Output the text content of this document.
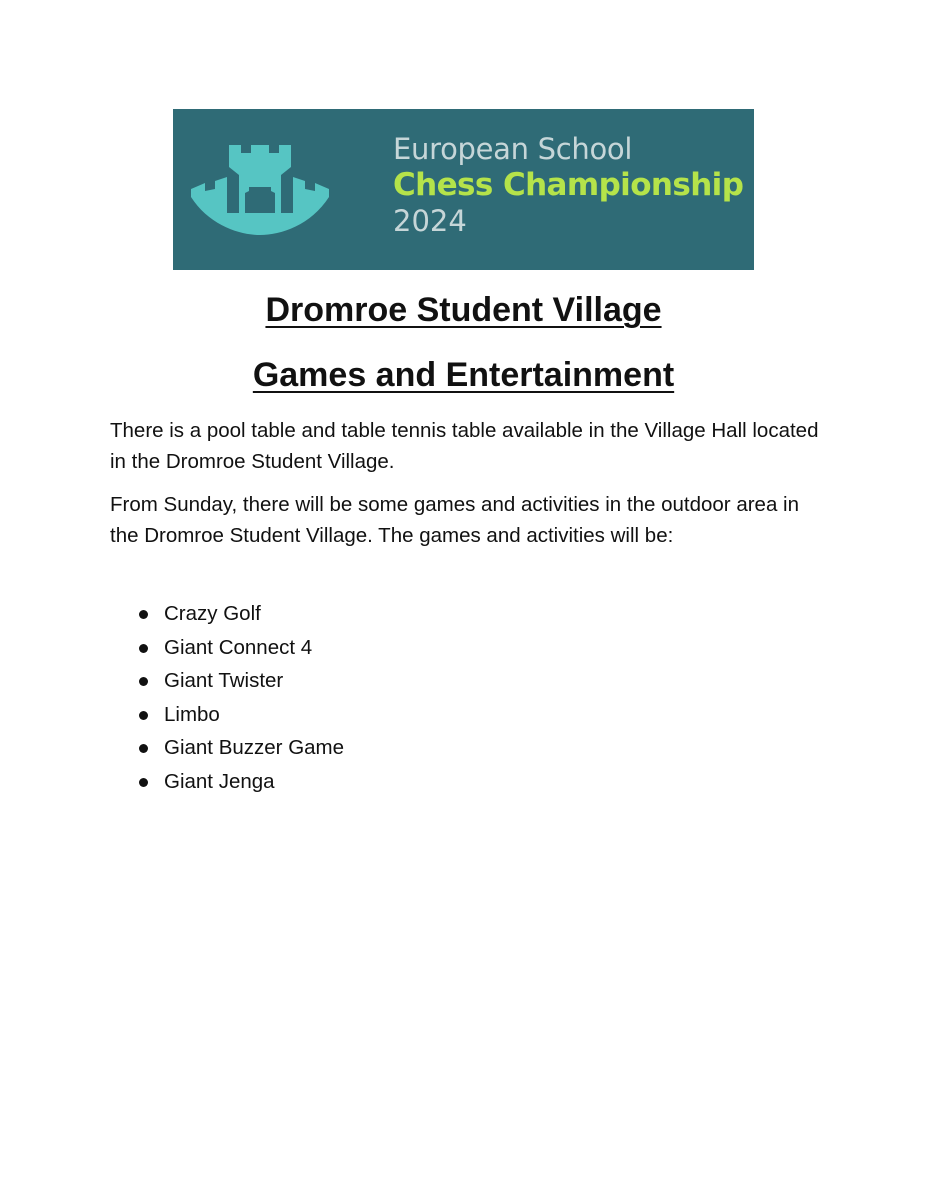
European School
Chess Championship
2024
Dromroe Student Village
Games and Entertainment

There is a pool table and table tennis table available in the Village Hall located in the Dromroe Student Village.

From Sunday, there will be some games and activities in the outdoor area in the Dromroe Student Village. The games and activities will be:

Crazy Golf
Giant Connect 4
Giant Twister
Limbo
Giant Buzzer Game
Giant Jenga
